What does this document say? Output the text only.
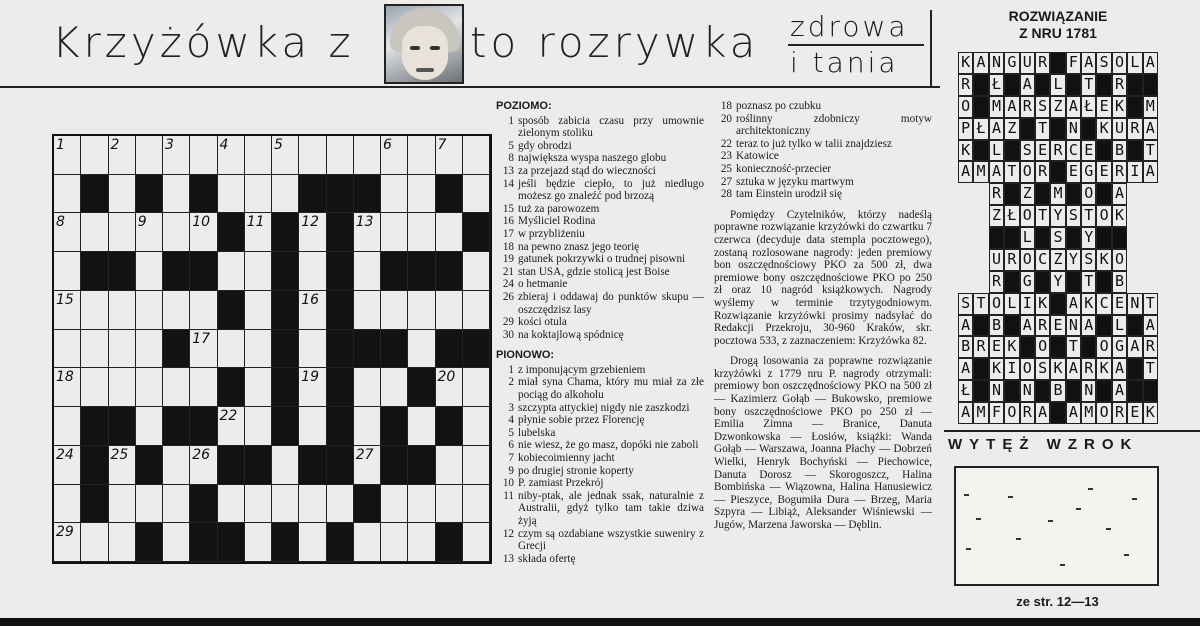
Krzyżówka z	to rozrywka zdrowa
i tania
1	2	3	4	5	6	7
8	9	10	11	12	13
14
15	16
17
18	19	20
21 22	23
24	25	26	27 28
29	30
POZIOMO:
1 sposób zabicia czasu przy umownie zielonym stoliku
5 gdy obrodzi
8 największa wyspa naszego globu
13 za przejazd stąd do wieczności
14 jeśli będzie ciepło, to już niedługo możesz go znaleźć pod brzozą
15 tuż za parowozem
16 Myśliciel Rodina
17 w przybliżeniu
18 na pewno znasz jego teorię
19 gatunek pokrzywki o trudnej pisowni
21 stan USA, gdzie stolicą jest Boise
24 o hetmanie
26 zbieraj i oddawaj do punktów skupu — oszczędzisz lasy
29 kości otula
30 na koktajlową spódnicę
PIONOWO:
1 z imponującym grzebieniem
2 miał syna Chama, który mu miał za złe pociąg do alkoholu
3 szczypta attyckiej nigdy nie zaszkodzi
4 płynie sobie przez Florencję
5 lubelska
6 nie wiesz, że go masz, dopóki nie zaboli
7 kobiecoimienny jacht
9 po drugiej stronie koperty
10 P. zamiast Przekrój
11 niby-ptak, ale jednak ssak, naturalnie z Australii, gdyż tylko tam takie dziwa żyją
12 czym są ozdabiane wszystkie suweniry z Grecji
13 składa ofertę
18 poznasz po czubku
20 roślinny zdobniczy motyw architektoniczny
22 teraz to już tylko w talii znajdziesz
23 Katowice
25 konieczność-przecier
27 sztuka w języku martwym
28 tam Einstein urodził się
Pomiędzy Czytelników, którzy nadeślą poprawne rozwiązanie krzyżówki do czwartku 7 czerwca (decyduje data stempla pocztowego), zostaną rozlosowane nagrody: jeden premiowy bon oszczędnościowy PKO za 500 zł, dwa premiowe bony oszczędnościowe PKO po 250 zł oraz 10 nagród książkowych. Nagrody wyślemy w terminie trzytygodniowym. Rozwiązanie krzyżówki prosimy nadsyłać do Redakcji Przekroju, 30-960 Kraków, skr. pocztowa 533, z zaznaczeniem: Krzyżówka 82.
Drogą losowania za poprawne rozwiązanie krzyżówki z 1779 nru P. nagrody otrzymali: premiowy bon oszczędnościowy PKO na 500 zł — Kazimierz Gołąb — Bukowsko, premiowe bony oszczędnościowe PKO po 250 zł — Emilia Zimna — Branice, Danuta Dzwonkowska — Łosiów, książki: Wanda Gołąb — Warszawa, Joanna Płachy — Dobrzeń Wielki, Henryk Bochyński — Piechowice, Danuta Dorosz — Skorogoszcz, Halina Bombińska — Wiązowna, Halina Hanusiewicz — Pieszyce, Bogumiła Dura — Brzeg, Maria Szpyra — Libiąż, Aleksander Wiśniewski — Jugów, Marzena Jaworska — Dęblin.
ROZWIĄZANIE
Z NRU 1781
K A N G U R F A S O L A
R Ł A L T R
O M A R S Z A Ł E K M
P Ł A Z T N K U R A
K L S E R C E B T
A M A T O R E G E R I A
R Z M O A
Z Ł O T Y S T O K
L S Y
U R O C Z Y S K O
R G Y T B
S T O L I K A K C E N T
A B A R E N A L A
B R E K O T O G A R
A K I O S K A R K A T
Ł N N B N A
A M F O R A A M O R E K
WYTĘŻ WZROK
ze str. 12—13
